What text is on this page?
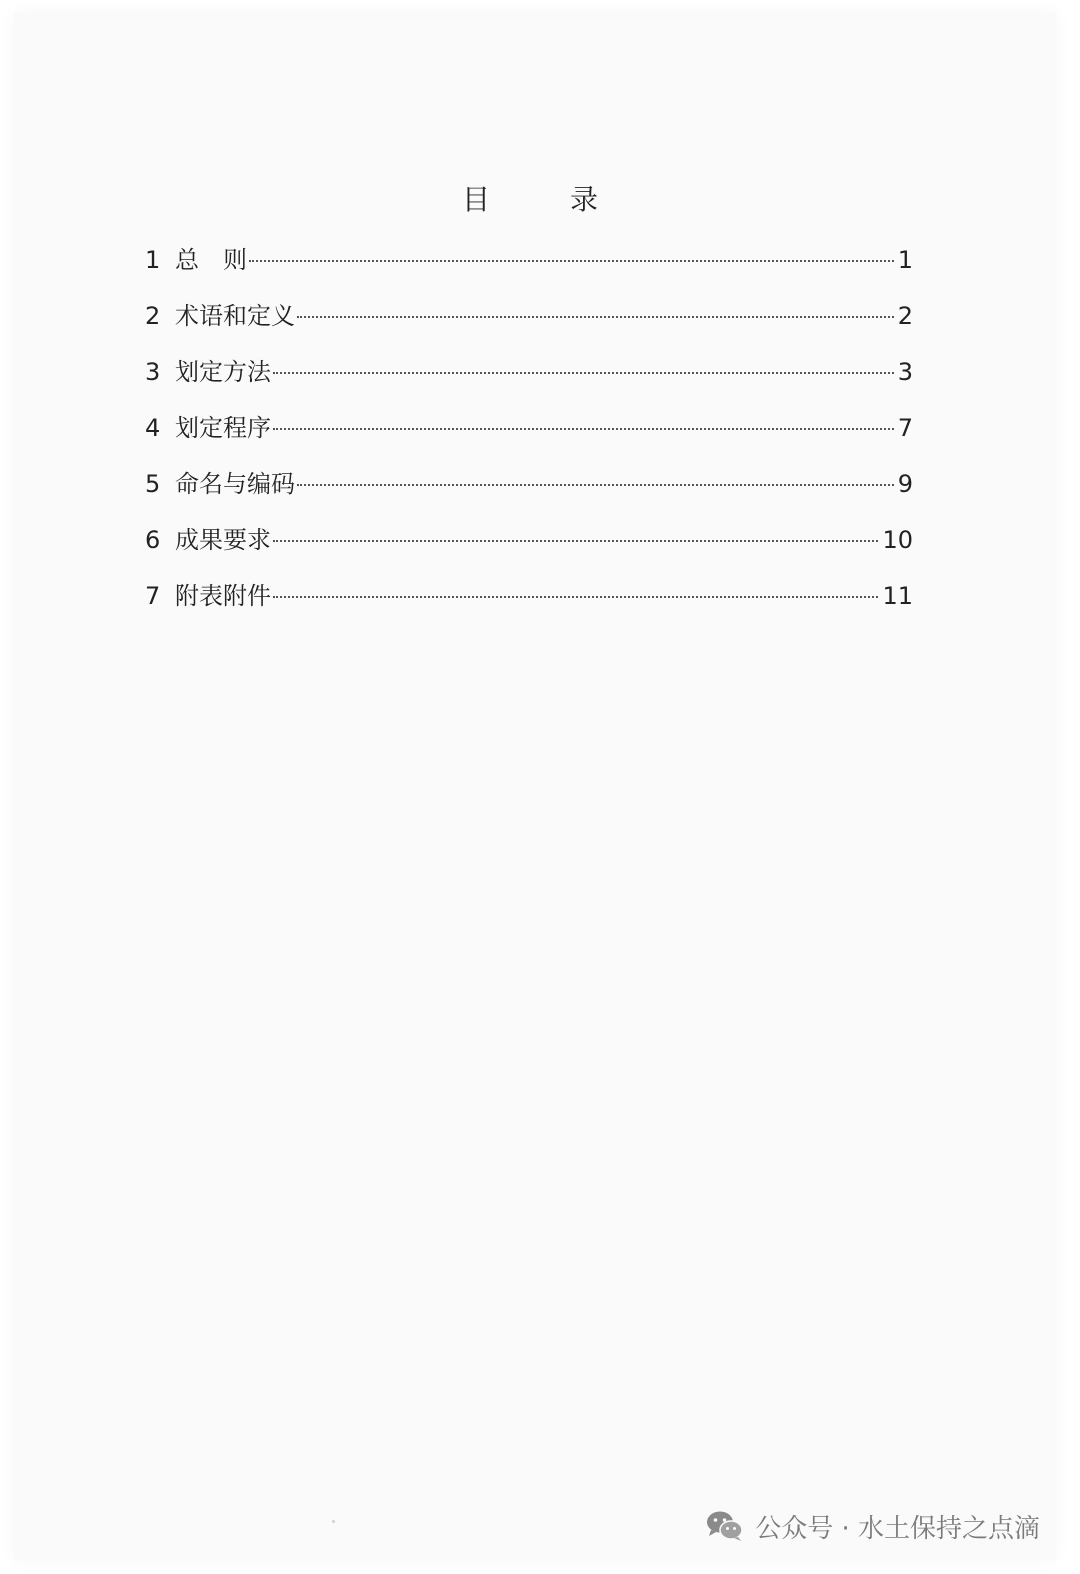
目　录
1 总　则	1
2 术语和定义	2
3 划定方法	3
4 划定程序	7
5 命名与编码	9
6 成果要求	10
7 附表附件	11
公众号 · 水土保持之点滴
